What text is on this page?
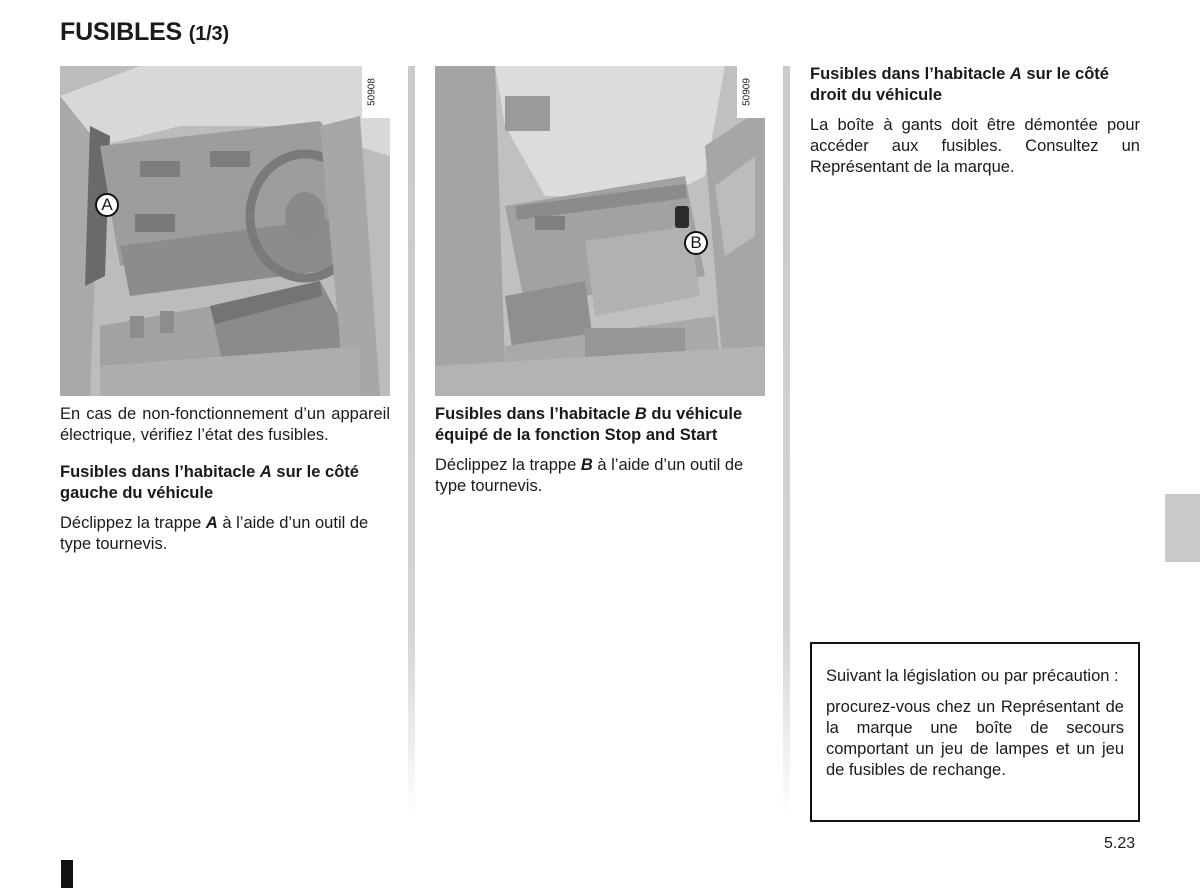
FUSIBLES (1/3)
50908
A
50909
B

En cas de non-fonctionnement d’un appareil électrique, vérifiez l’état des fusibles.

Fusibles dans l’habitacle A sur le côté gauche du véhicule

Déclippez la trappe A à l’aide d’un outil de type tournevis.

Fusibles dans l’habitacle B du véhicule équipé de la fonction Stop and Start

Déclippez la trappe B à l’aide d’un outil de type tournevis.

Fusibles dans l’habitacle A sur le côté droit du véhicule

La boîte à gants doit être démontée pour accéder aux fusibles. Consultez un Représentant de la marque.

Suivant la législation ou par précaution :

procurez-vous chez un Représentant de la marque une boîte de secours comportant un jeu de lampes et un jeu de fusibles de rechange.

5.23
